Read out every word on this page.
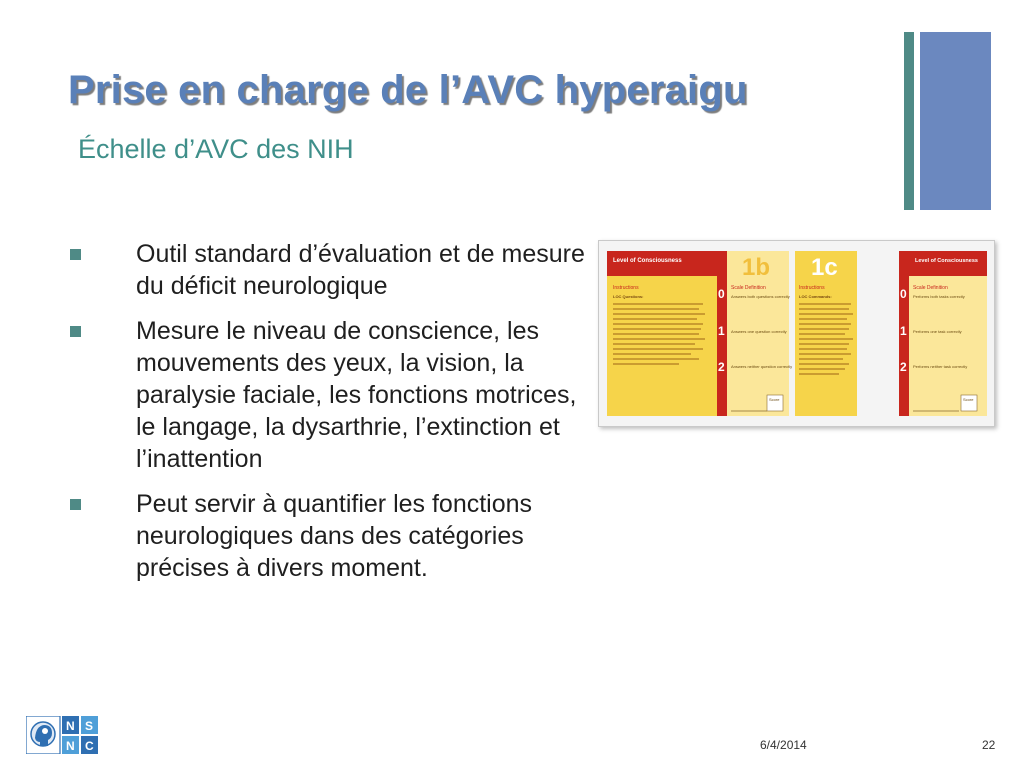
Prise en charge de l’AVC hyperaigu
Échelle d’AVC des NIH
Outil standard d’évaluation et de mesure du déficit neurologique
Mesure le niveau de conscience, les mouvements des yeux, la vision, la paralysie faciale, les fonctions motrices, le langage, la dysarthrie, l’extinction et l’inattention
Peut servir à quantifier les fonctions neurologiques dans des catégories précises à divers moment.
Level of Consciousness
0
1
2
Instructions
LOC Questions:
1b
Scale Definition
Answers both questions correctly
Answers one question correctly
Answers neither question correctly
Score
1c
Instructions
LOC Commands:	0
1
2
Level of Consciousness
Scale Definition
Performs both tasks correctly
Performs one task correctly
Performs neither task correctly
Score
N S
N C	6/4/2014	22
